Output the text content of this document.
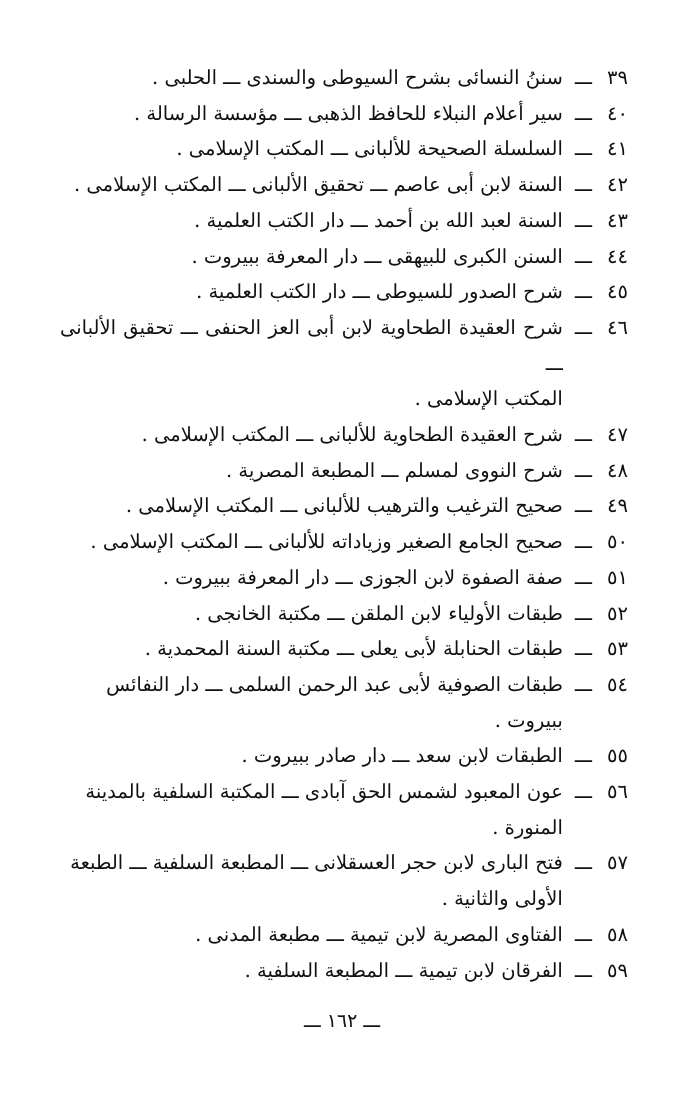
٣٩
ـــ
سننُ النسائى بشرح السيوطى والسندى ـــ الحلبى .
٤٠
ـــ
سير أعلام النبلاء للحافظ الذهبى ـــ مؤسسة الرسالة .
٤١
ـــ
السلسلة الصحيحة للألبانى ـــ المكتب الإسلامى .
٤٢
ـــ
السنة لابن أبى عاصم ـــ تحقيق الألبانى ـــ المكتب الإسلامى .
٤٣
ـــ
السنة لعبد الله بن أحمد ـــ دار الكتب العلمية .
٤٤
ـــ
السنن الكبرى للبيهقى ـــ دار المعرفة ببيروت .
٤٥
ـــ
شرح الصدور للسيوطى ـــ دار الكتب العلمية .
٤٦
ـــ
شرح العقيدة الطحاوية لابن أبى العز الحنفى ـــ تحقيق الألبانى ـــ
المكتب الإسلامى .
٤٧
ـــ
شرح العقيدة الطحاوية للألبانى ـــ المكتب الإسلامى .
٤٨
ـــ
شرح النووى لمسلم ـــ المطبعة المصرية .
٤٩
ـــ
صحيح الترغيب والترهيب للألبانى ـــ المكتب الإسلامى .
٥٠
ـــ
صحيح الجامع الصغير وزياداته للألبانى ـــ المكتب الإسلامى .
٥١
ـــ
صفة الصفوة لابن الجوزى ـــ دار المعرفة ببيروت .
٥٢
ـــ
طبقات الأولياء لابن الملقن ـــ مكتبة الخانجى .
٥٣
ـــ
طبقات الحنابلة لأبى يعلى ـــ مكتبة السنة المحمدية .
٥٤
ـــ
طبقات الصوفية لأبى عبد الرحمن السلمى ـــ دار النفائس
ببيروت .
٥٥
ـــ
الطبقات لابن سعد ـــ دار صادر ببيروت .
٥٦
ـــ
عون المعبود لشمس الحق آبادى ـــ المكتبة السلفية بالمدينة
المنورة .
٥٧
ـــ
فتح البارى لابن حجر العسقلانى ـــ المطبعة السلفية ـــ الطبعة
الأولى والثانية .
٥٨
ـــ
الفتاوى المصرية لابن تيمية ـــ مطبعة المدنى .
٥٩
ـــ
الفرقان لابن تيمية ـــ المطبعة السلفية .
ـــ ١٦٢ ـــ
